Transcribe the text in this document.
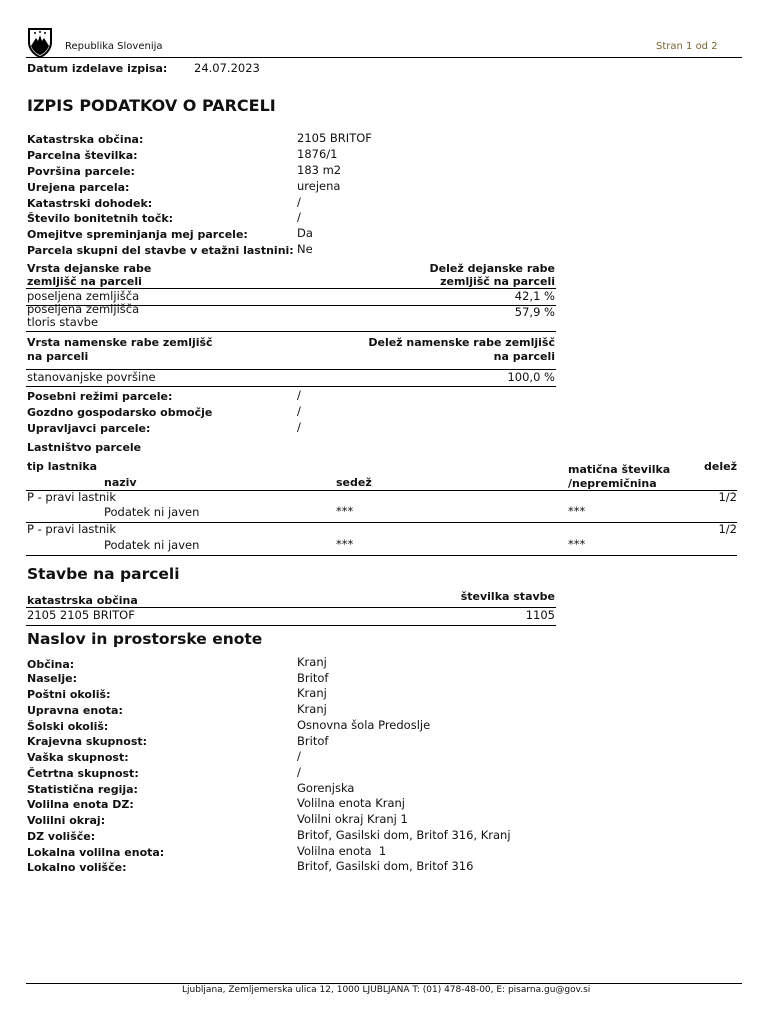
Republika Slovenija	Stran 1 od 2
Datum izdelave izpisa: 24.07.2023
IZPIS PODATKOV O PARCELI
Katastrska občina:	2105 BRITOF
Parcelna številka:	1876/1
Površina parcele:	183 m2
Urejena parcela:	urejena
Katastrski dohodek:	/
Število bonitetnih točk:	/
Omejitve spreminjanja mej parcele:	Da
Parcela skupni del stavbe v etažni lastnini: Ne
Vrsta dejanske rabe
zemljišč na parceli
Delež dejanske rabe
zemljišč na parceli
poseljena zemljišča	42,1 %
poseljena zemljišča
tloris stavbe
57,9 %
Vrsta namenske rabe zemljišč
na parceli
Delež namenske rabe zemljišč
na parceli
stanovanjske površine	100,0 %
Posebni režimi parcele:	/
Gozdno gospodarsko območje	/
Upravljavci parcele:	/
Lastništvo parcele
tip lastnika
naziv	sedež
matična številka
/nepremičnina
delež
P - pravi lastnik	1/2
Podatek ni javen	***	***
P - pravi lastnik	1/2
Podatek ni javen	***	***
Stavbe na parceli
katastrska občina	številka stavbe
2105 2105 BRITOF	1105
Naslov in prostorske enote
Občina:	Kranj
Naselje:	Britof
Poštni okoliš:	Kranj
Upravna enota:	Kranj
Šolski okoliš:	Osnovna šola Predoslje
Krajevna skupnost:	Britof
Vaška skupnost:	/
Četrtna skupnost:	/
Statistična regija:	Gorenjska
Volilna enota DZ:	Volilna enota Kranj
Volilni okraj:	Volilni okraj Kranj 1
DZ volišče:	Britof, Gasilski dom, Britof 316, Kranj
Lokalna volilna enota:	Volilna enota  1
Lokalno volišče:	Britof, Gasilski dom, Britof 316
Ljubljana, Zemljemerska ulica 12, 1000 LJUBLJANA T: (01) 478-48-00, E: pisarna.gu@gov.si
